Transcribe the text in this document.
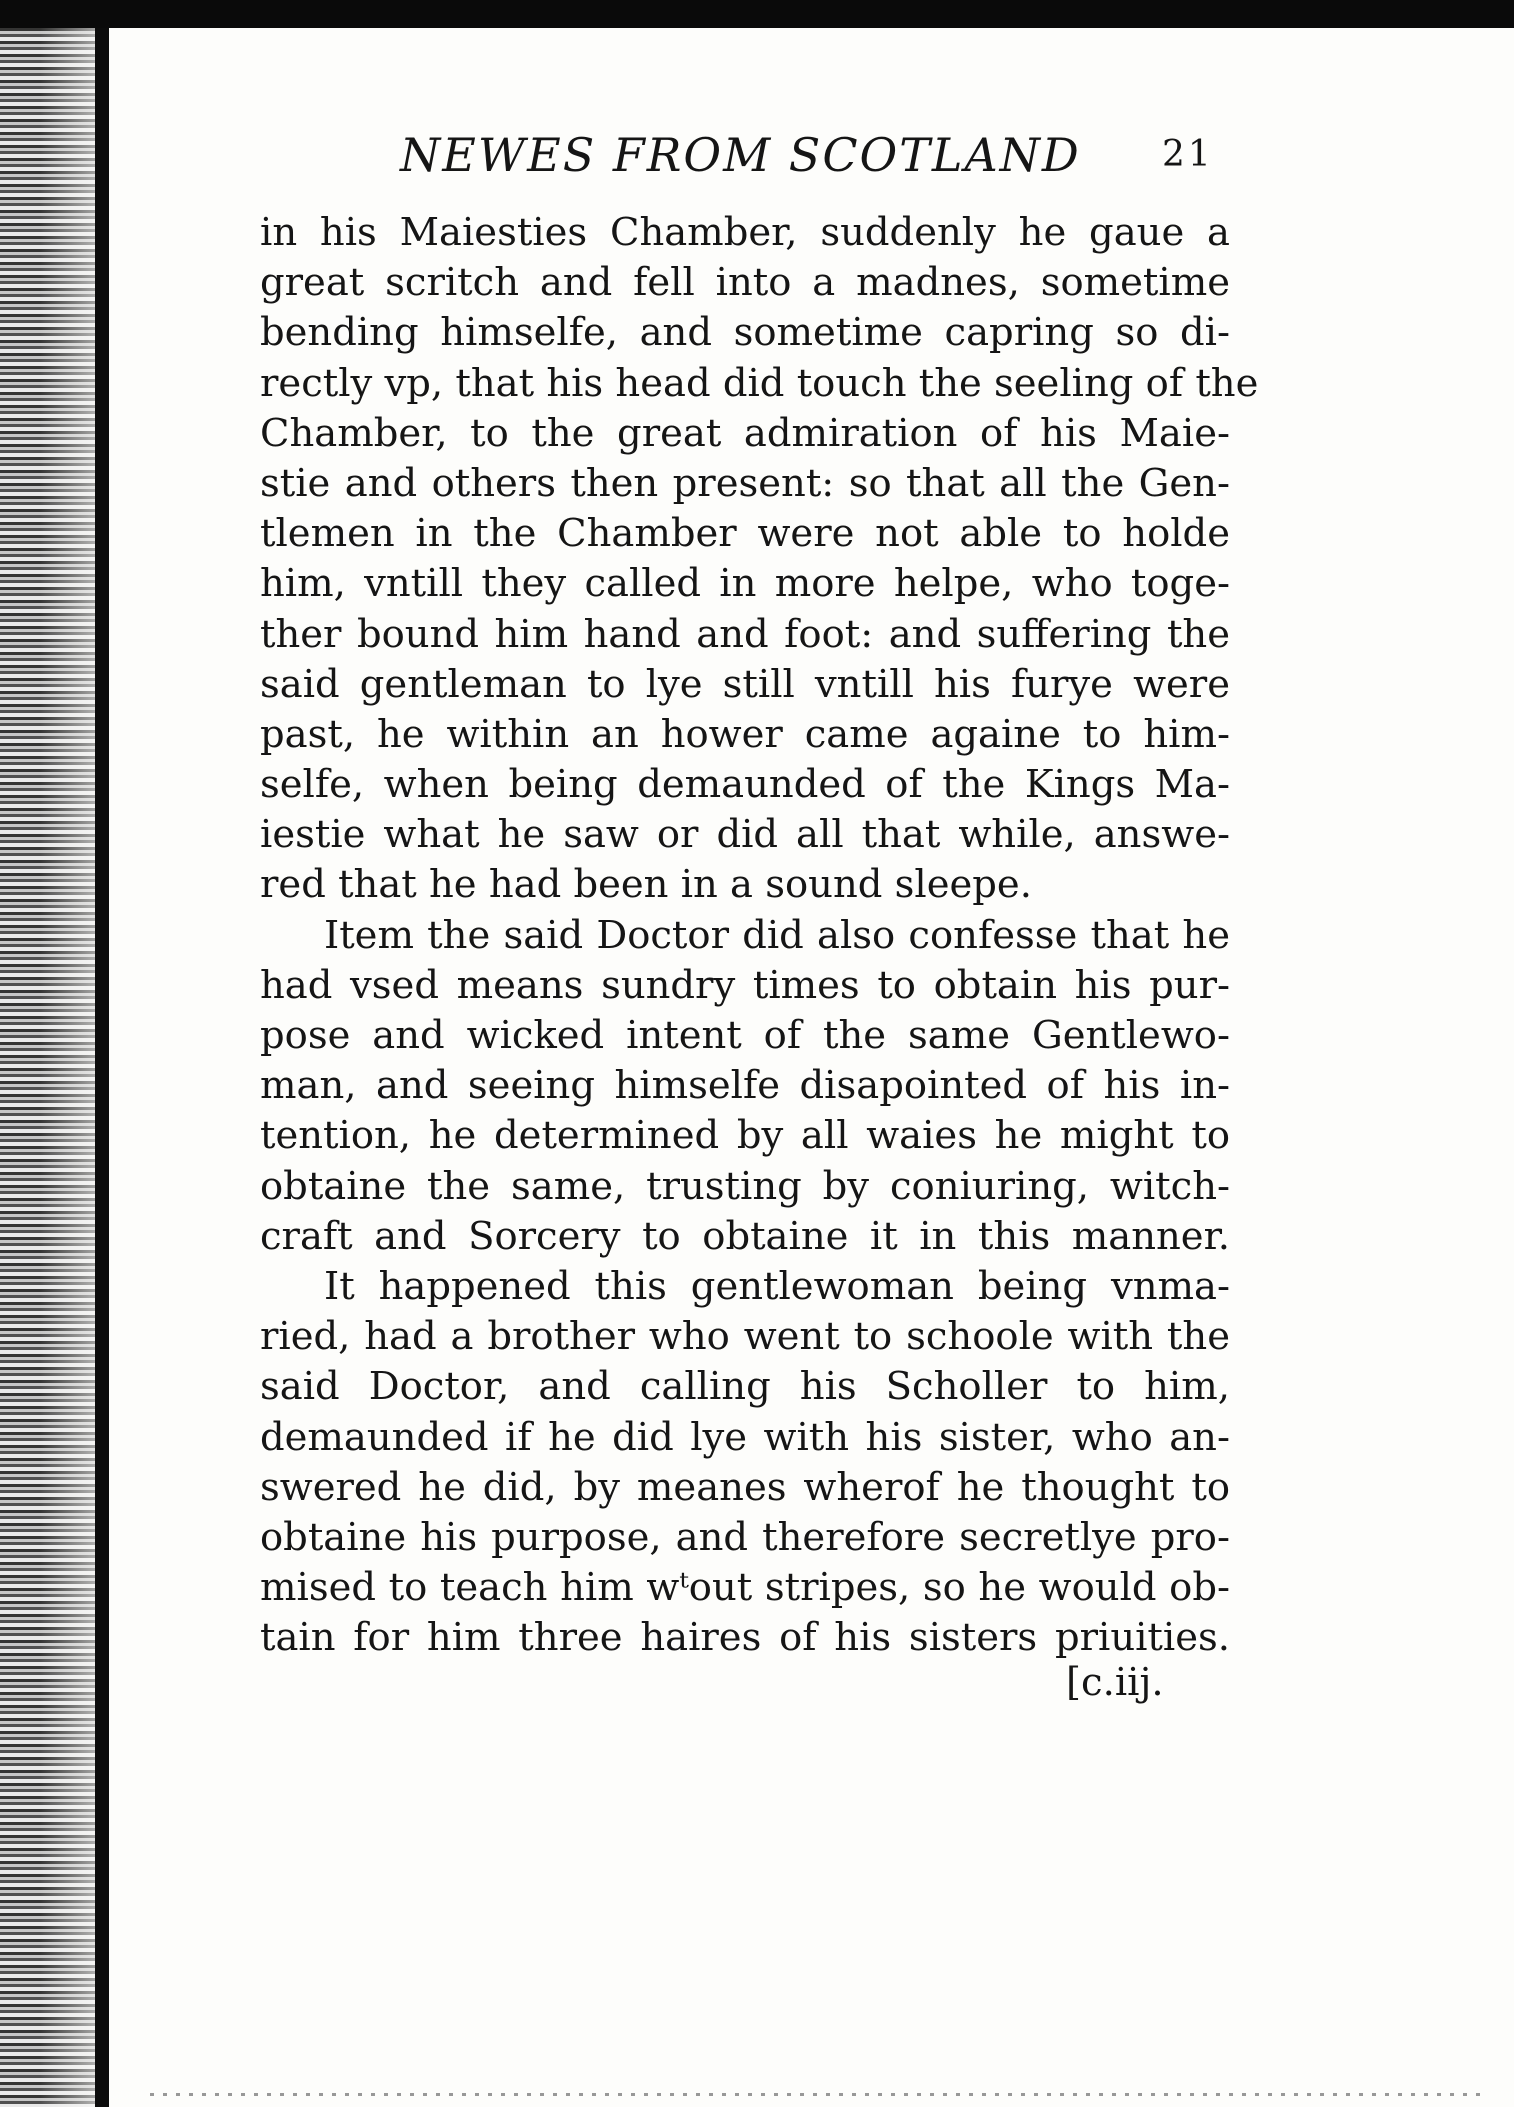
NEWES FROM SCOTLAND 21
in his Maiesties Chamber, suddenly he gaue a
great scritch and fell into a madnes, sometime
bending himselfe, and sometime capring so di-
rectly vp, that his head did touch the seeling of the
Chamber, to the great admiration of his Maie-
stie and others then present: so that all the Gen-
tlemen in the Chamber were not able to holde
him, vntill they called in more helpe, who toge-
ther bound him hand and foot: and suffering the
said gentleman to lye still vntill his furye were
past, he within an hower came againe to him-
selfe, when being demaunded of the Kings Ma-
iestie what he saw or did all that while, answe-
red that he had been in a sound sleepe.
Item the said Doctor did also confesse that he
had vsed means sundry times to obtain his pur-
pose and wicked intent of the same Gentlewo-
man, and seeing himselfe disapointed of his in-
tention, he determined by all waies he might to
obtaine the same, trusting by coniuring, witch-
craft and Sorcery to obtaine it in this manner.
It happened this gentlewoman being vnma-
ried, had a brother who went to schoole with the
said Doctor, and calling his Scholler to him,
demaunded if he did lye with his sister, who an-
swered he did, by meanes wherof he thought to
obtaine his purpose, and therefore secretlye pro-
mised to teach him wᵗout stripes, so he would ob-
tain for him three haires of his sisters priuities.
[c.iij.
